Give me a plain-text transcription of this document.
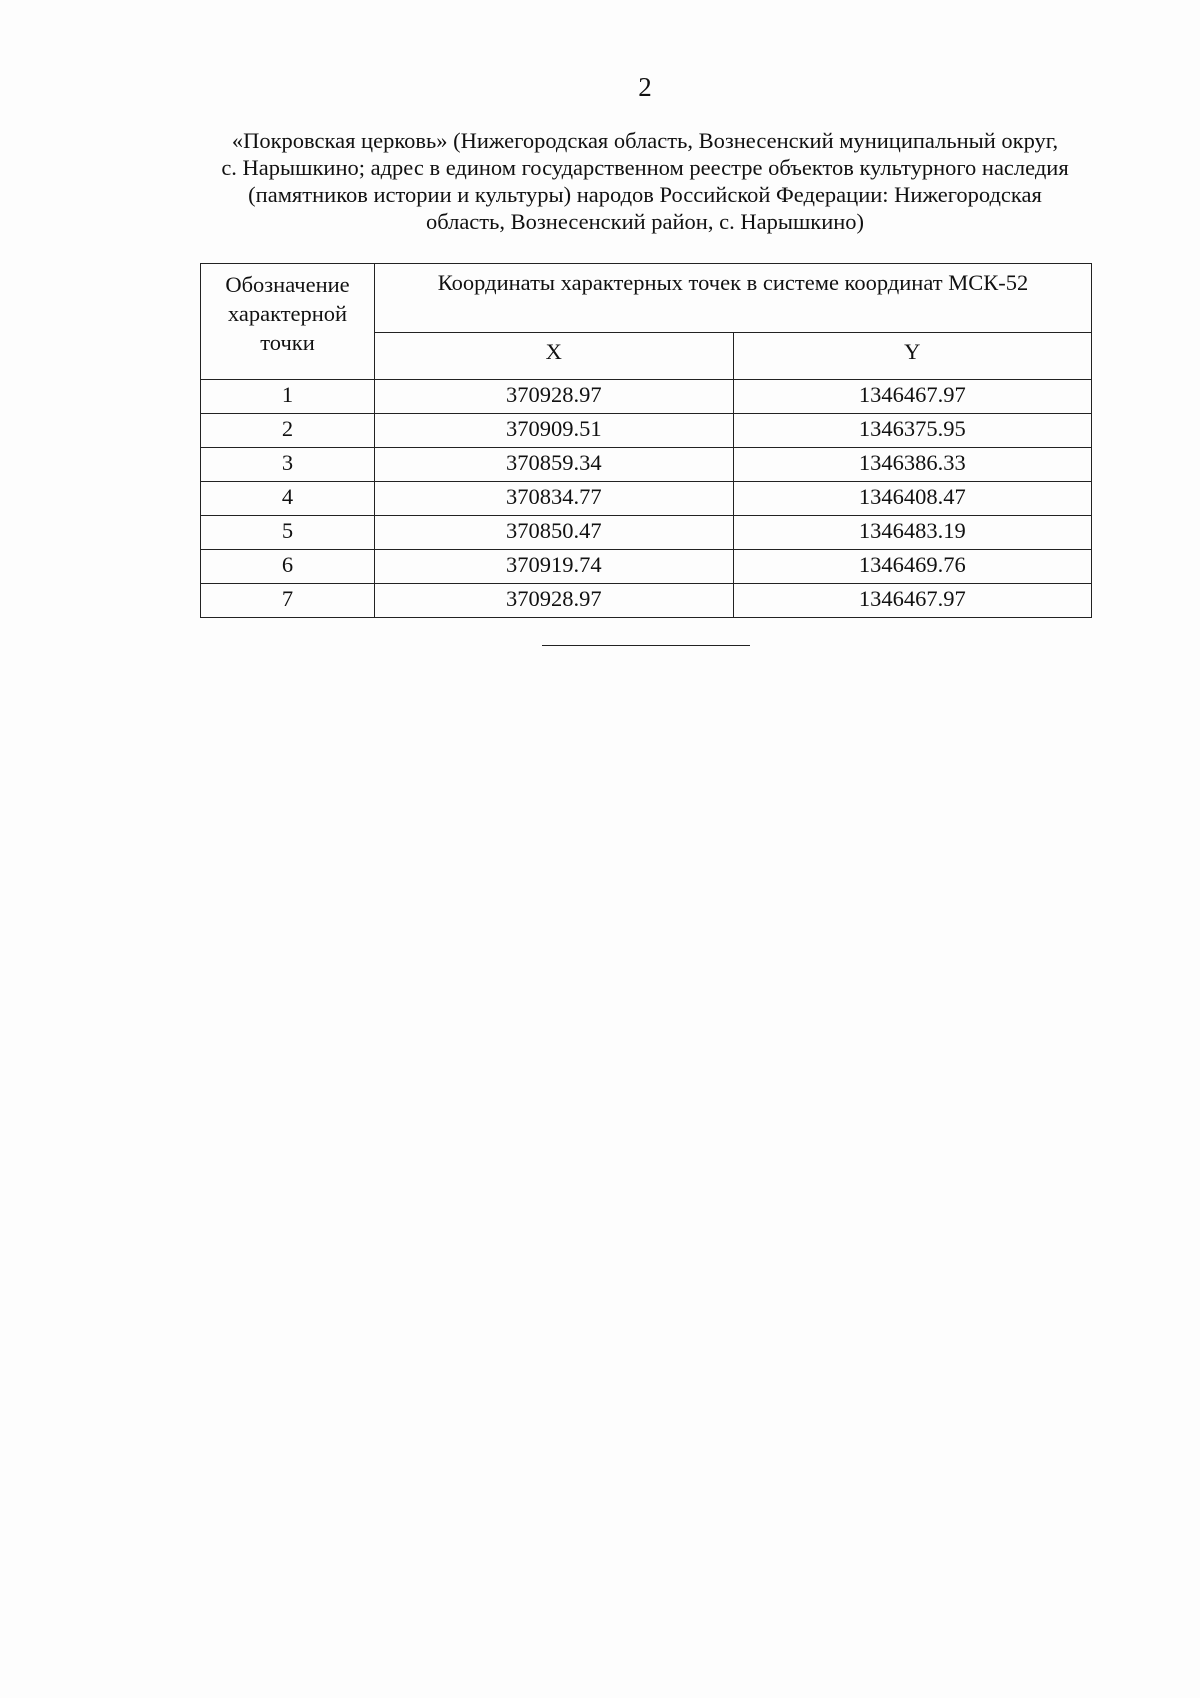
2
«Покровская церковь» (Нижегородская область, Вознесенский муниципальный округ,
с. Нарышкино; адрес в едином государственном реестре объектов культурного наследия
(памятников истории и культуры) народов Российской Федерации: Нижегородская
область, Вознесенский район, с. Нарышкино)
Обозначение
характерной
точки	Координаты характерных точек в системе координат МСК-52	
	X	Y
1	370928.97	1346467.97
2	370909.51	1346375.95
3	370859.34	1346386.33
4	370834.77	1346408.47
5	370850.47	1346483.19
6	370919.74	1346469.76
7	370928.97	1346467.97
